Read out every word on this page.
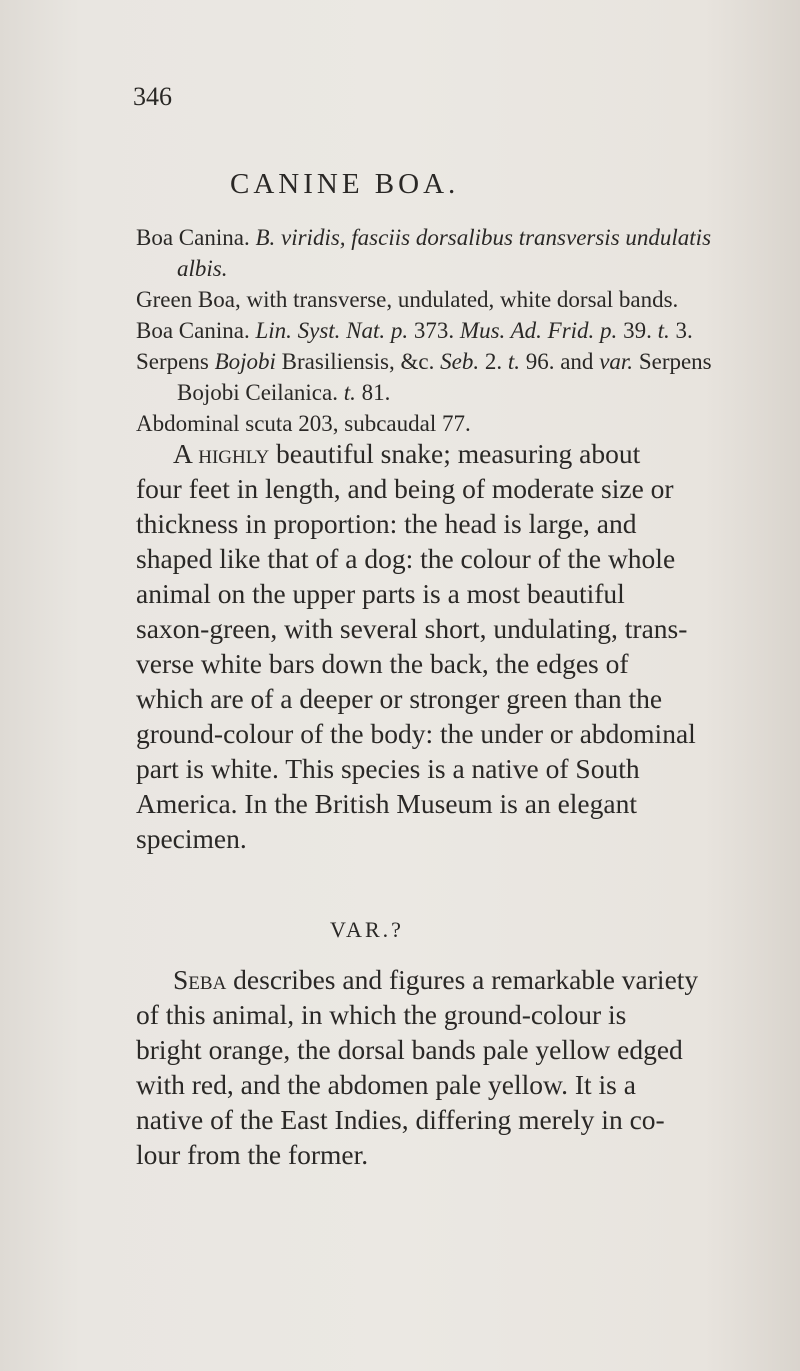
346
CANINE BOA.
Boa Canina. B. viridis, fasciis dorsalibus transversis undulatis
albis.
Green Boa, with transverse, undulated, white dorsal bands.
Boa Canina. Lin. Syst. Nat. p. 373. Mus. Ad. Frid. p. 39. t. 3.
Serpens Bojobi Brasiliensis, &c. Seb. 2. t. 96. and var. Serpens
Bojobi Ceilanica. t. 81.
Abdominal scuta 203, subcaudal 77.
A highly beautiful snake; measuring about
four feet in length, and being of moderate size or
thickness in proportion: the head is large, and
shaped like that of a dog: the colour of the whole
animal on the upper parts is a most beautiful
saxon-green, with several short, undulating, trans-
verse white bars down the back, the edges of
which are of a deeper or stronger green than the
ground-colour of the body: the under or abdominal
part is white. This species is a native of South
America. In the British Museum is an elegant
specimen.
VAR.?
Seba describes and figures a remarkable variety
of this animal, in which the ground-colour is
bright orange, the dorsal bands pale yellow edged
with red, and the abdomen pale yellow. It is a
native of the East Indies, differing merely in co-
lour from the former.
